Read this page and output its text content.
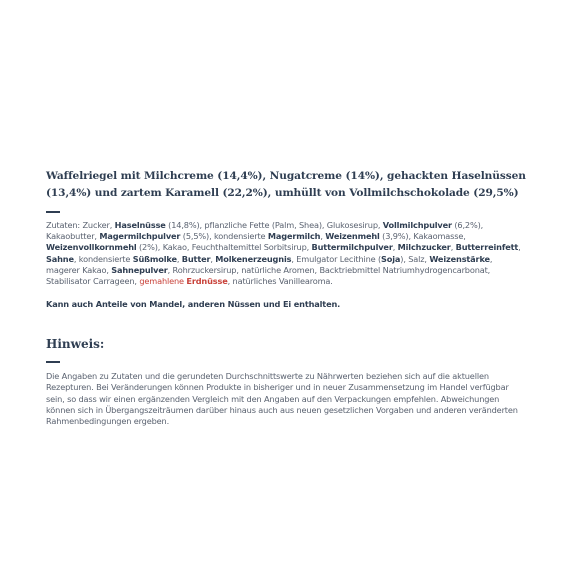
Waffelriegel mit Milchcreme (14,4%), Nugatcreme (14%), gehackten Haselnüssen (13,4%) und zartem Karamell (22,2%), umhüllt von Vollmilchschokolade (29,5%)
Zutaten: Zucker, Haselnüsse (14,8%), pflanzliche Fette (Palm, Shea), Glukosesirup, Vollmilchpulver (6,2%), Kakaobutter, Magermilchpulver (5,5%), kondensierte Magermilch, Weizenmehl (3,9%), Kakaomasse, Weizenvollkornmehl (2%), Kakao, Feuchthaltemittel Sorbitsirup, Buttermilchpulver, Milchzucker, Butterreinfett, Sahne, kondensierte Süßmolke, Butter, Molkenerzeugnis, Emulgator Lecithine (Soja), Salz, Weizenstärke, magerer Kakao, Sahnepulver, Rohrzuckersirup, natürliche Aromen, Backtriebmittel Natriumhydrogencarbonat, Stabilisator Carrageen, gemahlene Erdnüsse, natürliches Vanillearoma.
Kann auch Anteile von Mandel, anderen Nüssen und Ei enthalten.
Hinweis:
Die Angaben zu Zutaten und die gerundeten Durchschnittswerte zu Nährwerten beziehen sich auf die aktuellen Rezepturen. Bei Veränderungen können Produkte in bisheriger und in neuer Zusammensetzung im Handel verfügbar sein, so dass wir einen ergänzenden Vergleich mit den Angaben auf den Verpackungen empfehlen. Abweichungen können sich in Übergangszeiträumen darüber hinaus auch aus neuen gesetzlichen Vorgaben und anderen veränderten Rahmenbedingungen ergeben.
